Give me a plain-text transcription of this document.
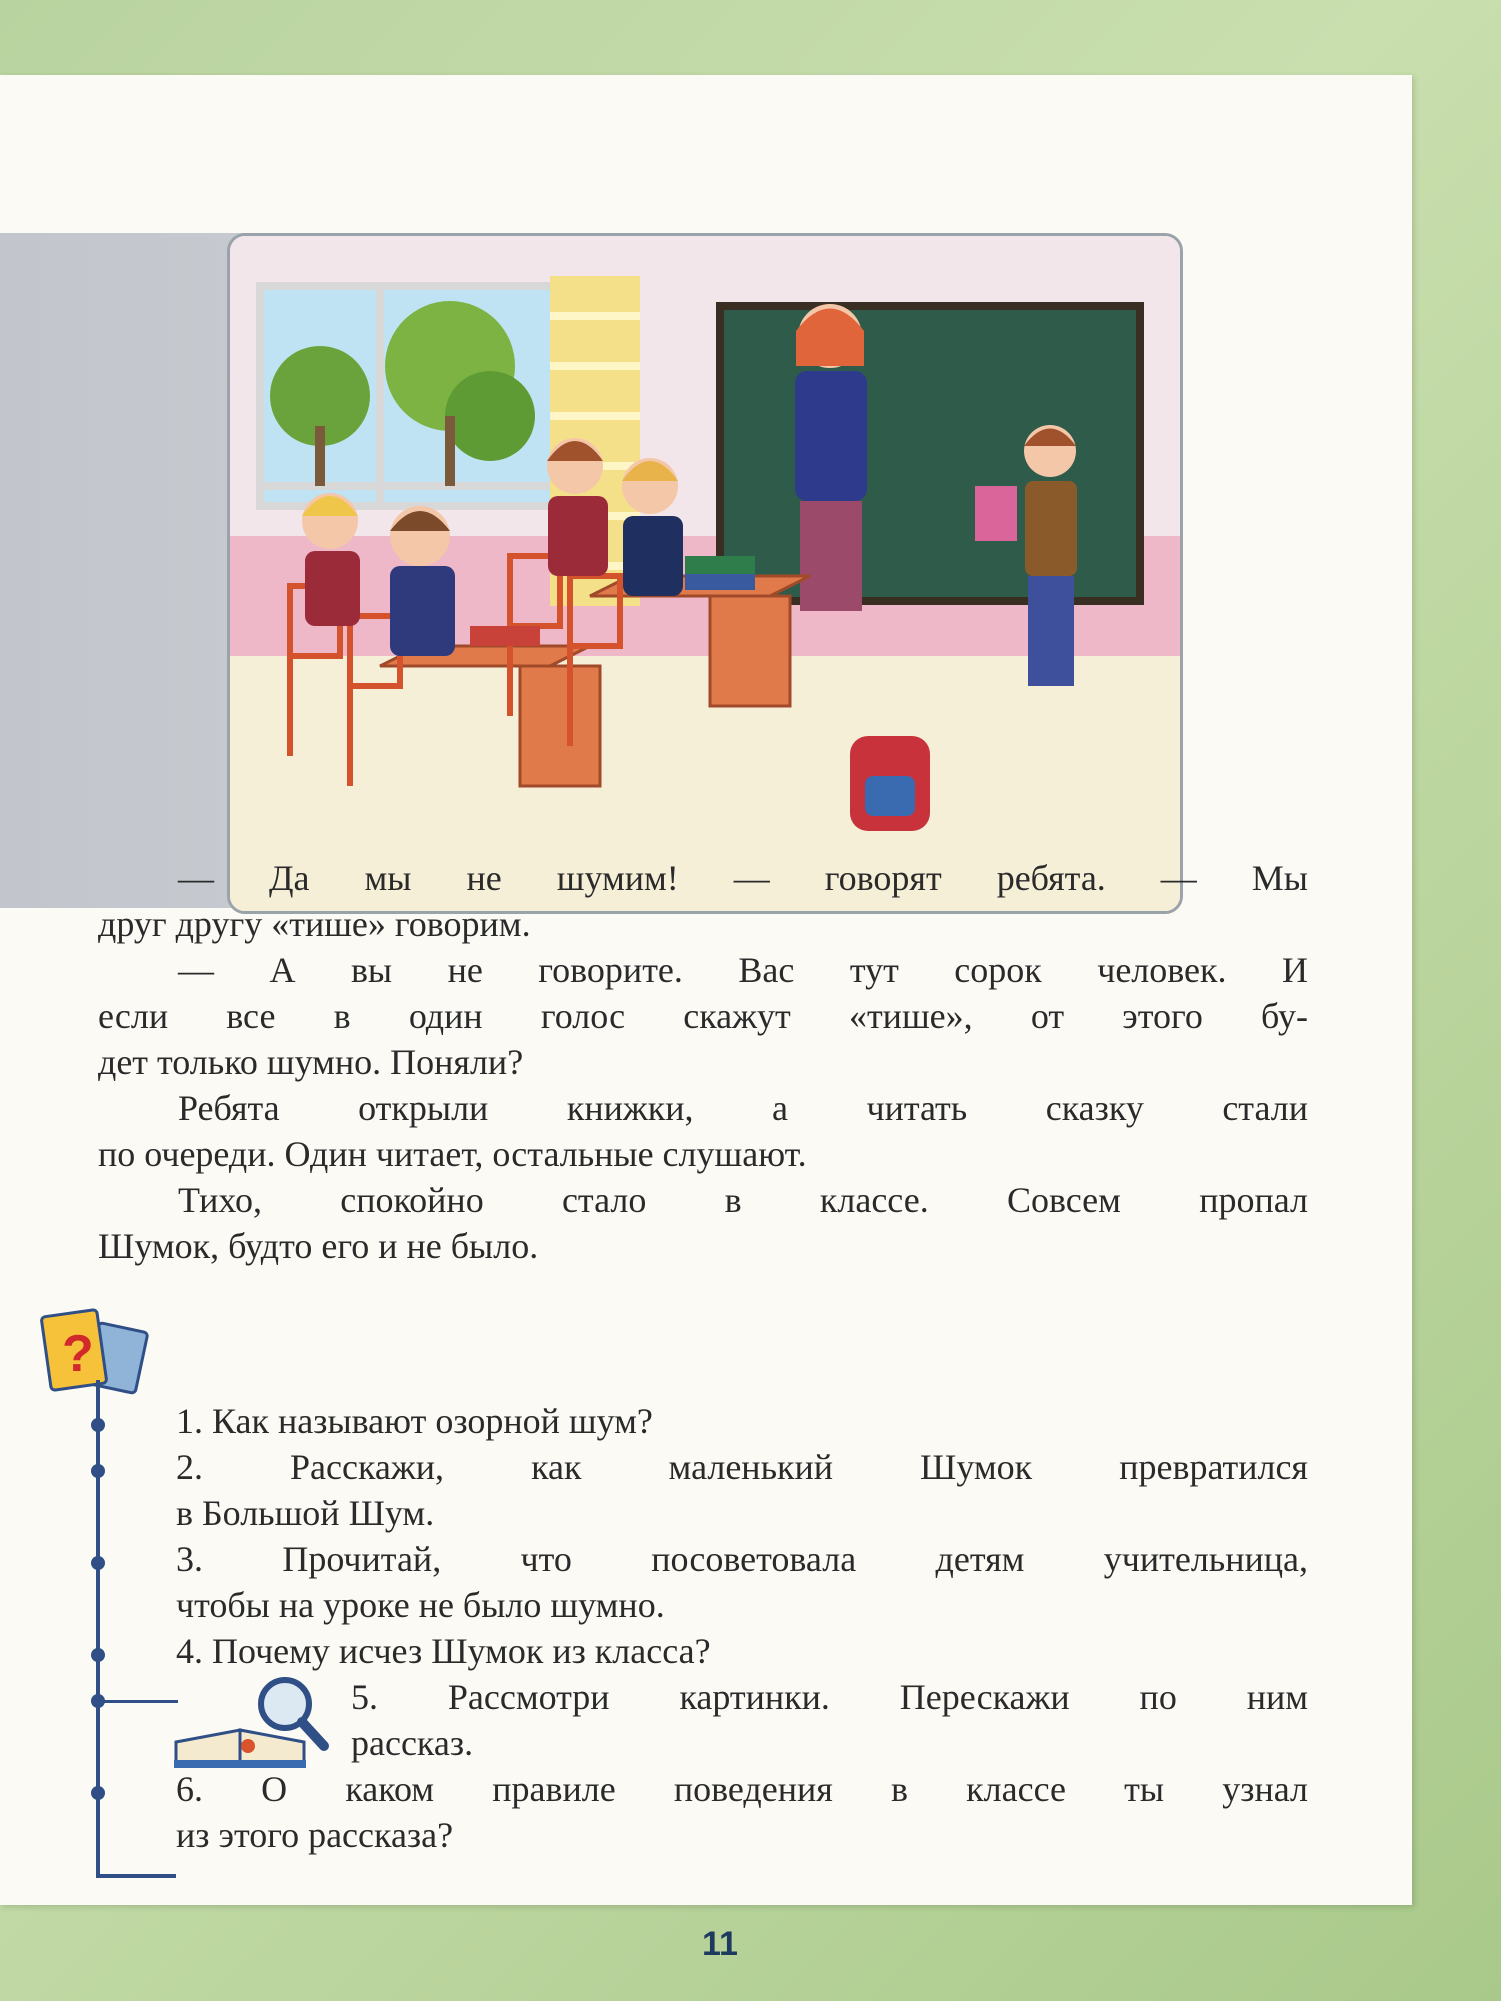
— Да мы не шумим! — говорят ребята. — Мы
друг другу «тише» говорим.

— А вы не говорите. Вас тут сорок человек. И
если все в один голос скажут «тише», от этого бу-
дет только шумно. Поняли?

Ребята открыли книжки, а читать сказку стали
по очереди. Один читает, остальные слушают.

Тихо, спокойно стало в классе. Совсем пропал
Шумок, будто его и не было.

?
1. Как называют озорной шум?
2. Расскажи, как маленький Шумок превратился
в Большой Шум.
3. Прочитай, что посоветовала детям учительница,
чтобы на уроке не было шумно.
4. Почему исчез Шумок из класса?
5. Рассмотри картинки. Перескажи по ним
рассказ.
6. О каком правиле поведения в классе ты узнал
из этого рассказа?
11
